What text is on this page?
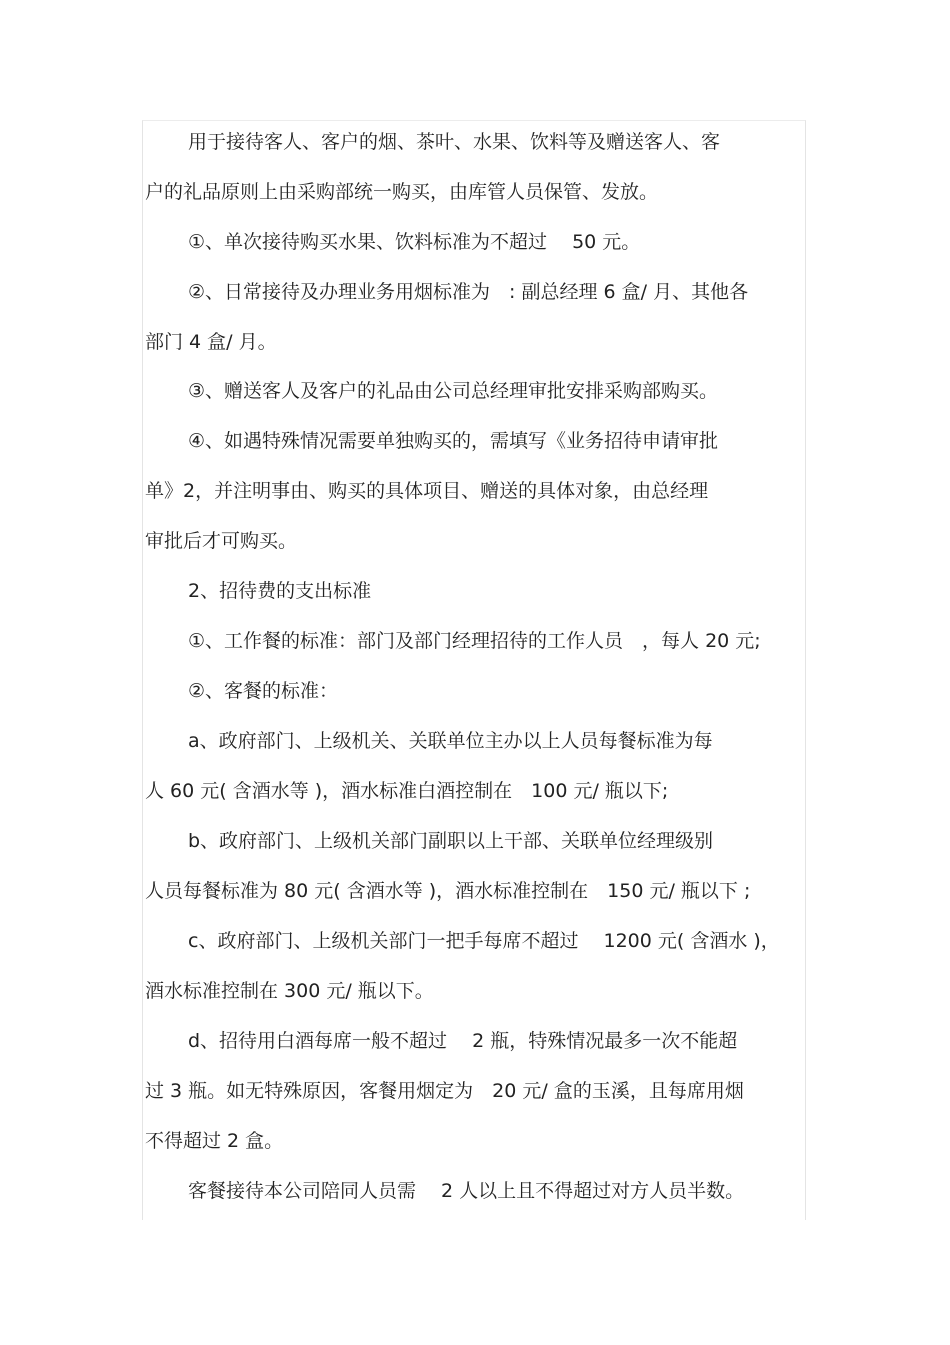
用于接待客人、客户的烟、茶叶、水果、饮料等及赠送客人、客
户的礼品原则上由采购部统一购买，由库管人员保管、发放。
①、单次接待购买水果、饮料标准为不超过　 50 元。
②、日常接待及办理业务用烟标准为　: 副总经理 6 盒/ 月、其他各
部门 4 盒/ 月。
③、赠送客人及客户的礼品由公司总经理审批安排采购部购买。
④、如遇特殊情况需要单独购买的，需填写《业务招待申请审批
单》2，并注明事由、购买的具体项目、赠送的具体对象，由总经理
审批后才可购买。
2、招待费的支出标准
①、工作餐的标准：部门及部门经理招待的工作人员　，每人 20 元;
②、客餐的标准：
a、政府部门、上级机关、关联单位主办以上人员每餐标准为每
人 60 元( 含酒水等 )，酒水标准白酒控制在　100 元/ 瓶以下;
b、政府部门、上级机关部门副职以上干部、关联单位经理级别
人员每餐标准为 80 元( 含酒水等 )，酒水标准控制在　150 元/ 瓶以下 ;
c、政府部门、上级机关部门一把手每席不超过　 1200 元( 含酒水 )，
酒水标准控制在 300 元/ 瓶以下。
d、招待用白酒每席一般不超过　 2 瓶，特殊情况最多一次不能超
过 3 瓶。如无特殊原因，客餐用烟定为　20 元/ 盒的玉溪，且每席用烟
不得超过 2 盒。
客餐接待本公司陪同人员需　 2 人以上且不得超过对方人员半数。
